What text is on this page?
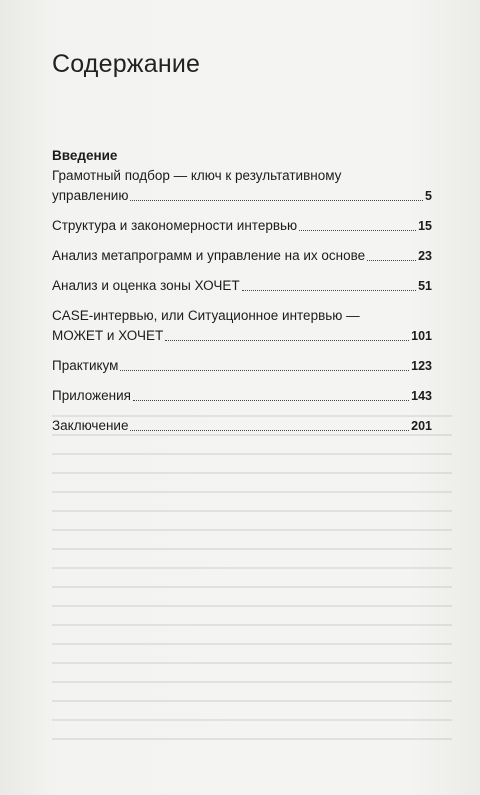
Содержание
Введение
Грамотный подбор — ключ к результативному
управлению	5
Структура и закономерности интервью	15
Анализ метапрограмм и управление на их основе	23
Анализ и оценка зоны ХОЧЕТ	51
CASE-интервью, или Ситуационное интервью —
МОЖЕТ и ХОЧЕТ	101
Практикум	123
Приложения	143
Заключение	201
